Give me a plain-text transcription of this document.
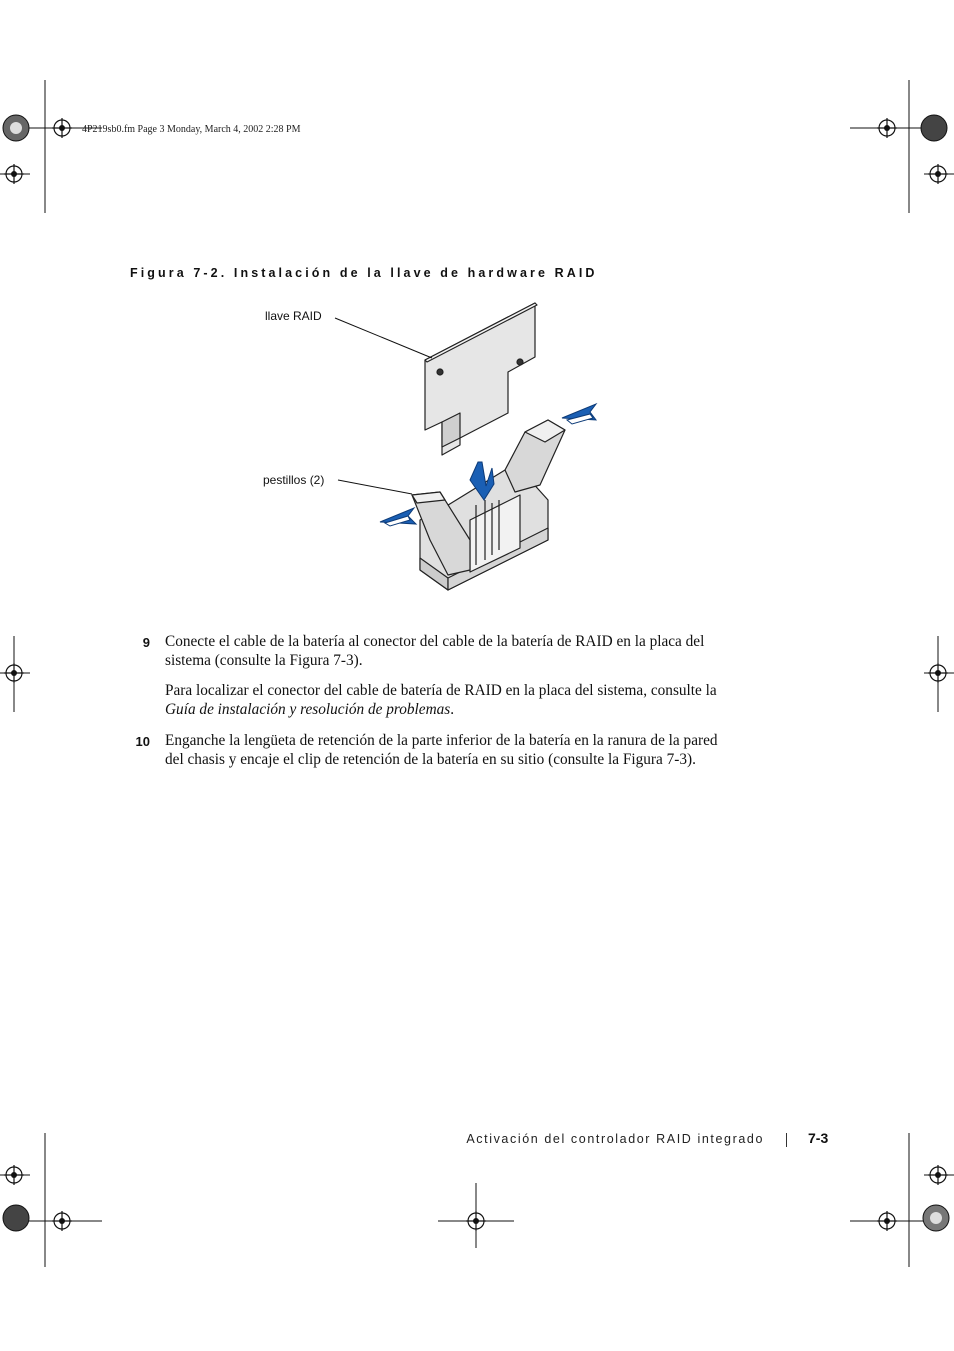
4P219sb0.fm Page 3 Monday, March 4, 2002 2:28 PM
Figura 7-2. Instalación de la llave de hardware RAID
llave RAID
pestillos (2)
9 Conecte el cable de la batería al conector del cable de la batería de RAID en la placa del sistema (consulte la Figura 7-3).
Para localizar el conector del cable de batería de RAID en la placa del sistema, consulte la Guía de instalación y resolución de problemas.
10 Enganche la lengüeta de retención de la parte inferior de la batería en la ranura de la pared del chasis y encaje el clip de retención de la batería en su sitio (consulte la Figura 7-3).
Activación del controlador RAID integrado	7-3
